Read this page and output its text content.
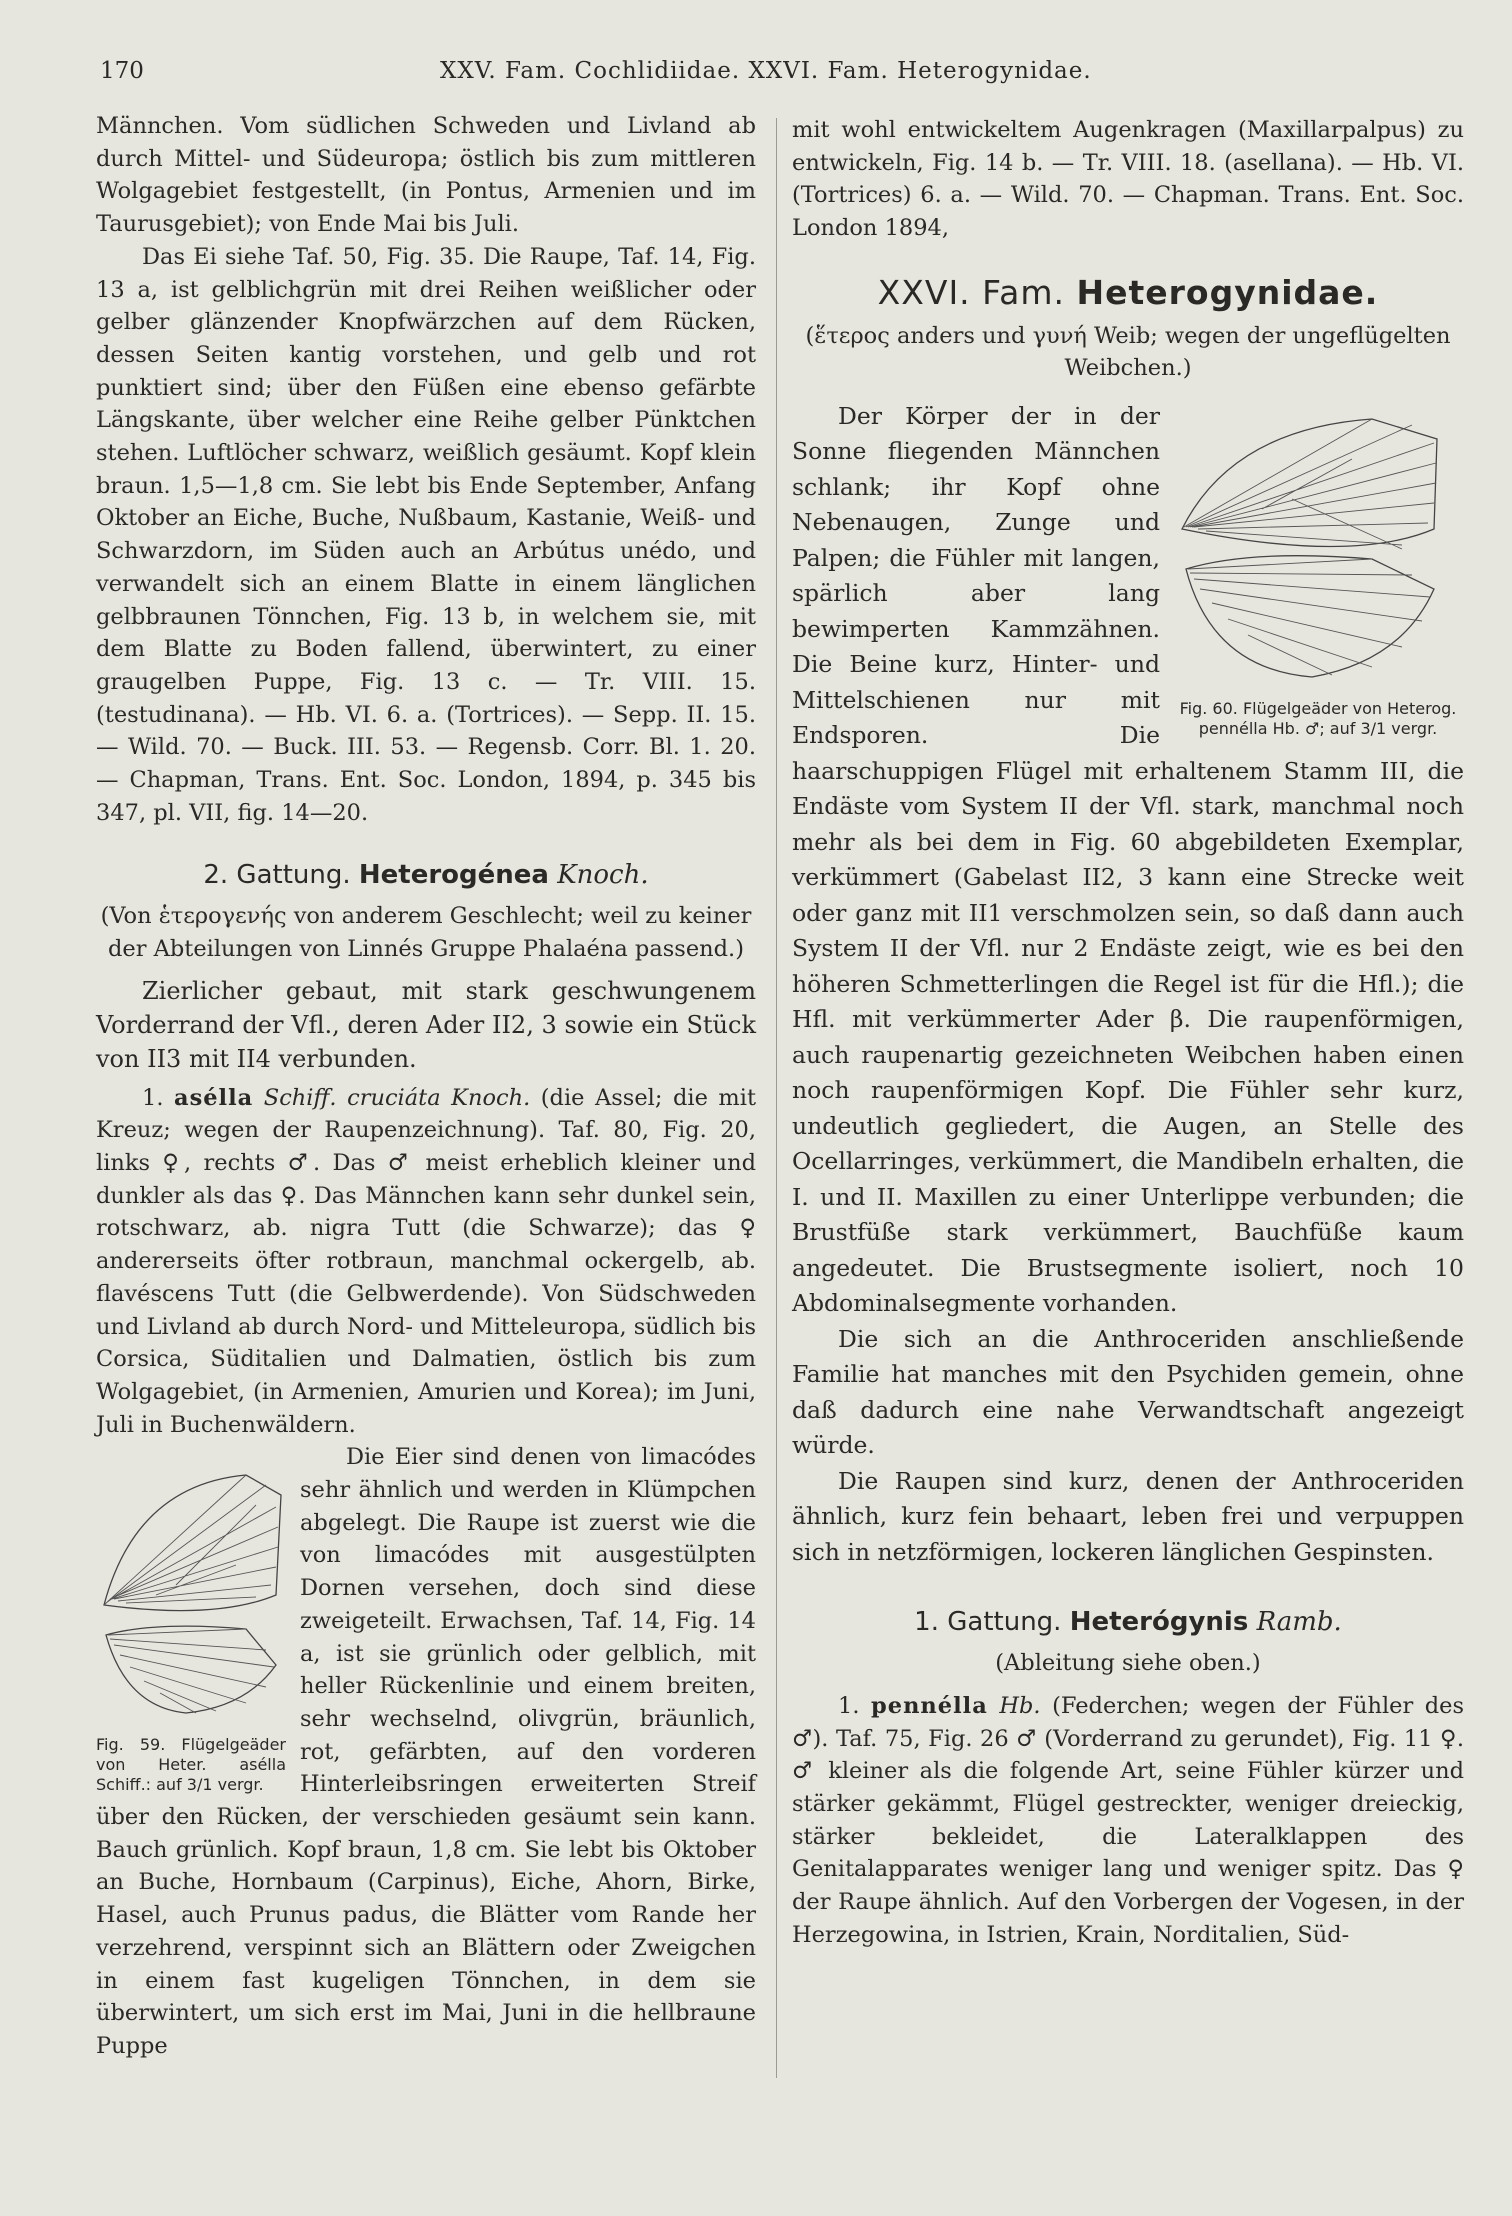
170	XXV. Fam. Cochlidiidae. XXVI. Fam. Heterogynidae.

Männchen. Vom südlichen Schweden und Livland ab durch Mittel- und Südeuropa; östlich bis zum mittleren Wolgagebiet festgestellt, (in Pontus, Armenien und im Taurusgebiet); von Ende Mai bis Juli.

Das Ei siehe Taf. 50, Fig. 35. Die Raupe, Taf. 14, Fig. 13 a, ist gelblichgrün mit drei Reihen weißlicher oder gelber glänzender Knopfwärzchen auf dem Rücken, dessen Seiten kantig vorstehen, und gelb und rot punktiert sind; über den Füßen eine ebenso gefärbte Längskante, über welcher eine Reihe gelber Pünktchen stehen. Luftlöcher schwarz, weißlich gesäumt. Kopf klein braun. 1,5—1,8 cm. Sie lebt bis Ende September, Anfang Oktober an Eiche, Buche, Nußbaum, Kastanie, Weiß- und Schwarzdorn, im Süden auch an Arbútus unédo, und verwandelt sich an einem Blatte in einem länglichen gelbbraunen Tönnchen, Fig. 13 b, in welchem sie, mit dem Blatte zu Boden fallend, überwintert, zu einer graugelben Puppe, Fig. 13 c. — Tr. VIII. 15. (testudinana). — Hb. VI. 6. a. (Tortrices). — Sepp. II. 15. — Wild. 70. — Buck. III. 53. — Regensb. Corr. Bl. 1. 20. — Chapman, Trans. Ent. Soc. London, 1894, p. 345 bis 347, pl. VII, fig. 14—20.

2. Gattung. Heterogénea Knoch.

(Von ἑτερογενής von anderem Geschlecht; weil zu keiner der Abteilungen von Linnés Gruppe Phalaéna passend.)

Zierlicher gebaut, mit stark geschwungenem Vorderrand der Vfl., deren Ader II2, 3 sowie ein Stück von II3 mit II4 verbunden.

1. asélla Schiff. cruciáta Knoch. (die Assel; die mit Kreuz; wegen der Raupenzeichnung). Taf. 80, Fig. 20, links ♀, rechts ♂. Das ♂ meist erheblich kleiner und dunkler als das ♀. Das Männchen kann sehr dunkel sein, rotschwarz, ab. nigra Tutt (die Schwarze); das ♀ andererseits öfter rotbraun, manchmal ockergelb, ab. flavéscens Tutt (die Gelbwerdende). Von Südschweden und Livland ab durch Nord- und Mitteleuropa, südlich bis Corsica, Süditalien und Dalmatien, östlich bis zum Wolgagebiet, (in Armenien, Amurien und Korea); im Juni, Juli in Buchenwäldern.

Fig. 59. Flügelgeäder von Heter. asélla Schiff.: auf 3/1 vergr.

Die Eier sind denen von limacódes sehr ähnlich und werden in Klümpchen abgelegt. Die Raupe ist zuerst wie die von limacódes mit ausgestülpten Dornen versehen, doch sind diese zweigeteilt. Erwachsen, Taf. 14, Fig. 14 a, ist sie grünlich oder gelblich, mit heller Rückenlinie und einem breiten, sehr wechselnd, olivgrün, bräunlich, rot, gefärbten, auf den vorderen Hinterleibsringen erweiterten Streif über den Rücken, der verschieden gesäumt sein kann. Bauch grünlich. Kopf braun, 1,8 cm. Sie lebt bis Oktober an Buche, Hornbaum (Carpinus), Eiche, Ahorn, Birke, Hasel, auch Prunus padus, die Blätter vom Rande her verzehrend, verspinnt sich an Blättern oder Zweigchen in einem fast kugeligen Tönnchen, in dem sie überwintert, um sich erst im Mai, Juni in die hellbraune Puppe

mit wohl entwickeltem Augenkragen (Maxillarpalpus) zu entwickeln, Fig. 14 b. — Tr. VIII. 18. (asellana). — Hb. VI. (Tortrices) 6. a. — Wild. 70. — Chapman. Trans. Ent. Soc. London 1894,

XXVI. Fam. Heterogynidae.

(ἕτερος anders und γυνή Weib; wegen der ungeflügelten Weibchen.)

Fig. 60. Flügelgeäder von Heterog. pennélla Hb. ♂; auf 3/1 vergr.

Der Körper der in der Sonne fliegenden Männchen schlank; ihr Kopf ohne Nebenaugen, Zunge und Palpen; die Fühler mit langen, spärlich aber lang bewimperten Kammzähnen. Die Beine kurz, Hinter- und Mittelschienen nur mit Endsporen. Die haarschuppigen Flügel mit erhaltenem Stamm III, die Endäste vom System II der Vfl. stark, manchmal noch mehr als bei dem in Fig. 60 abgebildeten Exemplar, verkümmert (Gabelast II2, 3 kann eine Strecke weit oder ganz mit II1 verschmolzen sein, so daß dann auch System II der Vfl. nur 2 Endäste zeigt, wie es bei den höheren Schmetterlingen die Regel ist für die Hfl.); die Hfl. mit verkümmerter Ader β. Die raupenförmigen, auch raupenartig gezeichneten Weibchen haben einen noch raupenförmigen Kopf. Die Fühler sehr kurz, undeutlich gegliedert, die Augen, an Stelle des Ocellarringes, verkümmert, die Mandibeln erhalten, die I. und II. Maxillen zu einer Unterlippe verbunden; die Brustfüße stark verkümmert, Bauchfüße kaum angedeutet. Die Brustsegmente isoliert, noch 10 Abdominalsegmente vorhanden.

Die sich an die Anthroceriden anschließende Familie hat manches mit den Psychiden gemein, ohne daß dadurch eine nahe Verwandtschaft angezeigt würde.

Die Raupen sind kurz, denen der Anthroceriden ähnlich, kurz fein behaart, leben frei und verpuppen sich in netzförmigen, lockeren länglichen Gespinsten.

1. Gattung. Heterógynis Ramb.

(Ableitung siehe oben.)

1. pennélla Hb. (Federchen; wegen der Fühler des ♂). Taf. 75, Fig. 26 ♂ (Vorderrand zu gerundet), Fig. 11 ♀. ♂ kleiner als die folgende Art, seine Fühler kürzer und stärker gekämmt, Flügel gestreckter, weniger dreieckig, stärker bekleidet, die Lateralklappen des Genitalapparates weniger lang und weniger spitz. Das ♀ der Raupe ähnlich. Auf den Vorbergen der Vogesen, in der Herzegowina, in Istrien, Krain, Norditalien, Süd-
